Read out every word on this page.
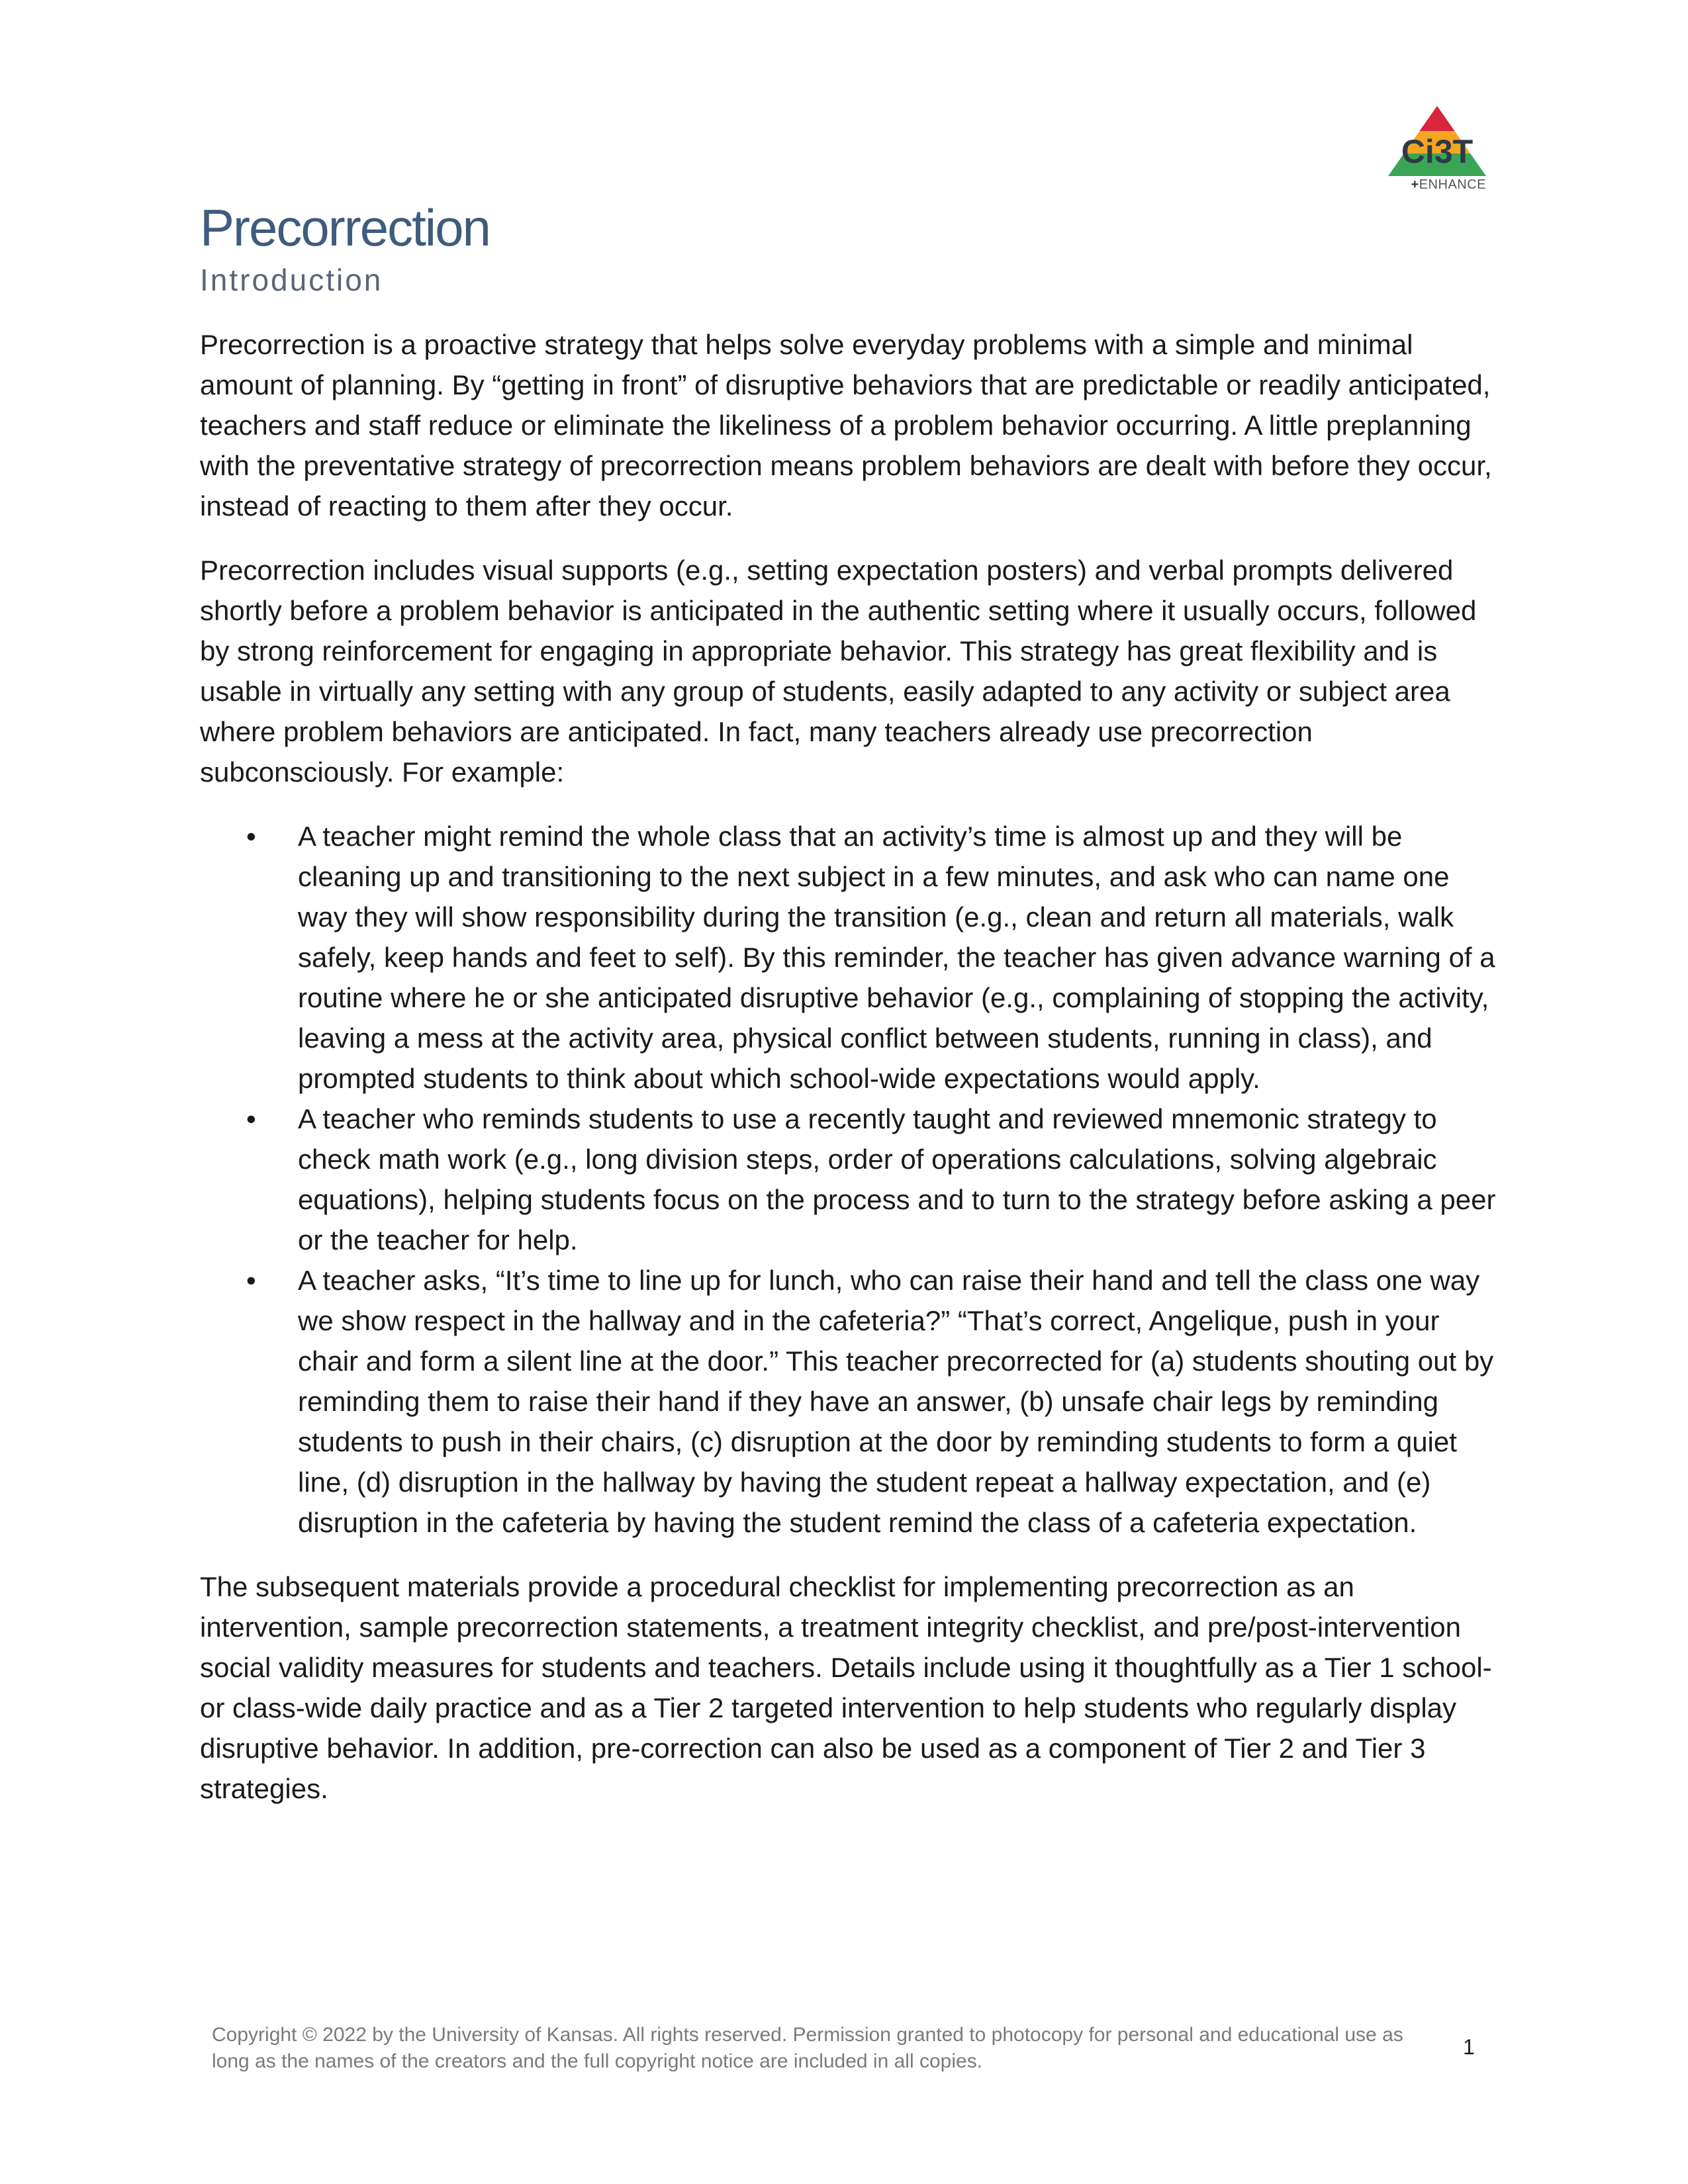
Ci3T
+ENHANCE
Precorrection
Introduction

Precorrection is a proactive strategy that helps solve everyday problems with a simple and minimal amount of planning. By “getting in front” of disruptive behaviors that are predictable or readily anticipated, teachers and staff reduce or eliminate the likeliness of a problem behavior occurring. A little preplanning with the preventative strategy of precorrection means problem behaviors are dealt with before they occur, instead of reacting to them after they occur.

Precorrection includes visual supports (e.g., setting expectation posters) and verbal prompts delivered shortly before a problem behavior is anticipated in the authentic setting where it usually occurs, followed by strong reinforcement for engaging in appropriate behavior. This strategy has great flexibility and is usable in virtually any setting with any group of students, easily adapted to any activity or subject area where problem behaviors are anticipated. In fact, many teachers already use precorrection subconsciously. For example:

• A teacher might remind the whole class that an activity’s time is almost up and they will be cleaning up and transitioning to the next subject in a few minutes, and ask who can name one way they will show responsibility during the transition (e.g., clean and return all materials, walk safely, keep hands and feet to self). By this reminder, the teacher has given advance warning of a routine where he or she anticipated disruptive behavior (e.g., complaining of stopping the activity, leaving a mess at the activity area, physical conflict between students, running in class), and prompted students to think about which school-wide expectations would apply.
• A teacher who reminds students to use a recently taught and reviewed mnemonic strategy to check math work (e.g., long division steps, order of operations calculations, solving algebraic equations), helping students focus on the process and to turn to the strategy before asking a peer or the teacher for help.
• A teacher asks, “It’s time to line up for lunch, who can raise their hand and tell the class one way we show respect in the hallway and in the cafeteria?” “That’s correct, Angelique, push in your chair and form a silent line at the door.” This teacher precorrected for (a) students shouting out by reminding them to raise their hand if they have an answer, (b) unsafe chair legs by reminding students to push in their chairs, (c) disruption at the door by reminding students to form a quiet line, (d) disruption in the hallway by having the student repeat a hallway expectation, and (e) disruption in the cafeteria by having the student remind the class of a cafeteria expectation.

The subsequent materials provide a procedural checklist for implementing precorrection as an intervention, sample precorrection statements, a treatment integrity checklist, and pre/post-intervention social validity measures for students and teachers. Details include using it thoughtfully as a Tier 1 school- or class-wide daily practice and as a Tier 2 targeted intervention to help students who regularly display disruptive behavior. In addition, pre-correction can also be used as a component of Tier 2 and Tier 3 strategies.

Copyright © 2022 by the University of Kansas. All rights reserved. Permission granted to photocopy for personal and educational use as long as the names of the creators and the full copyright notice are included in all copies.
1
